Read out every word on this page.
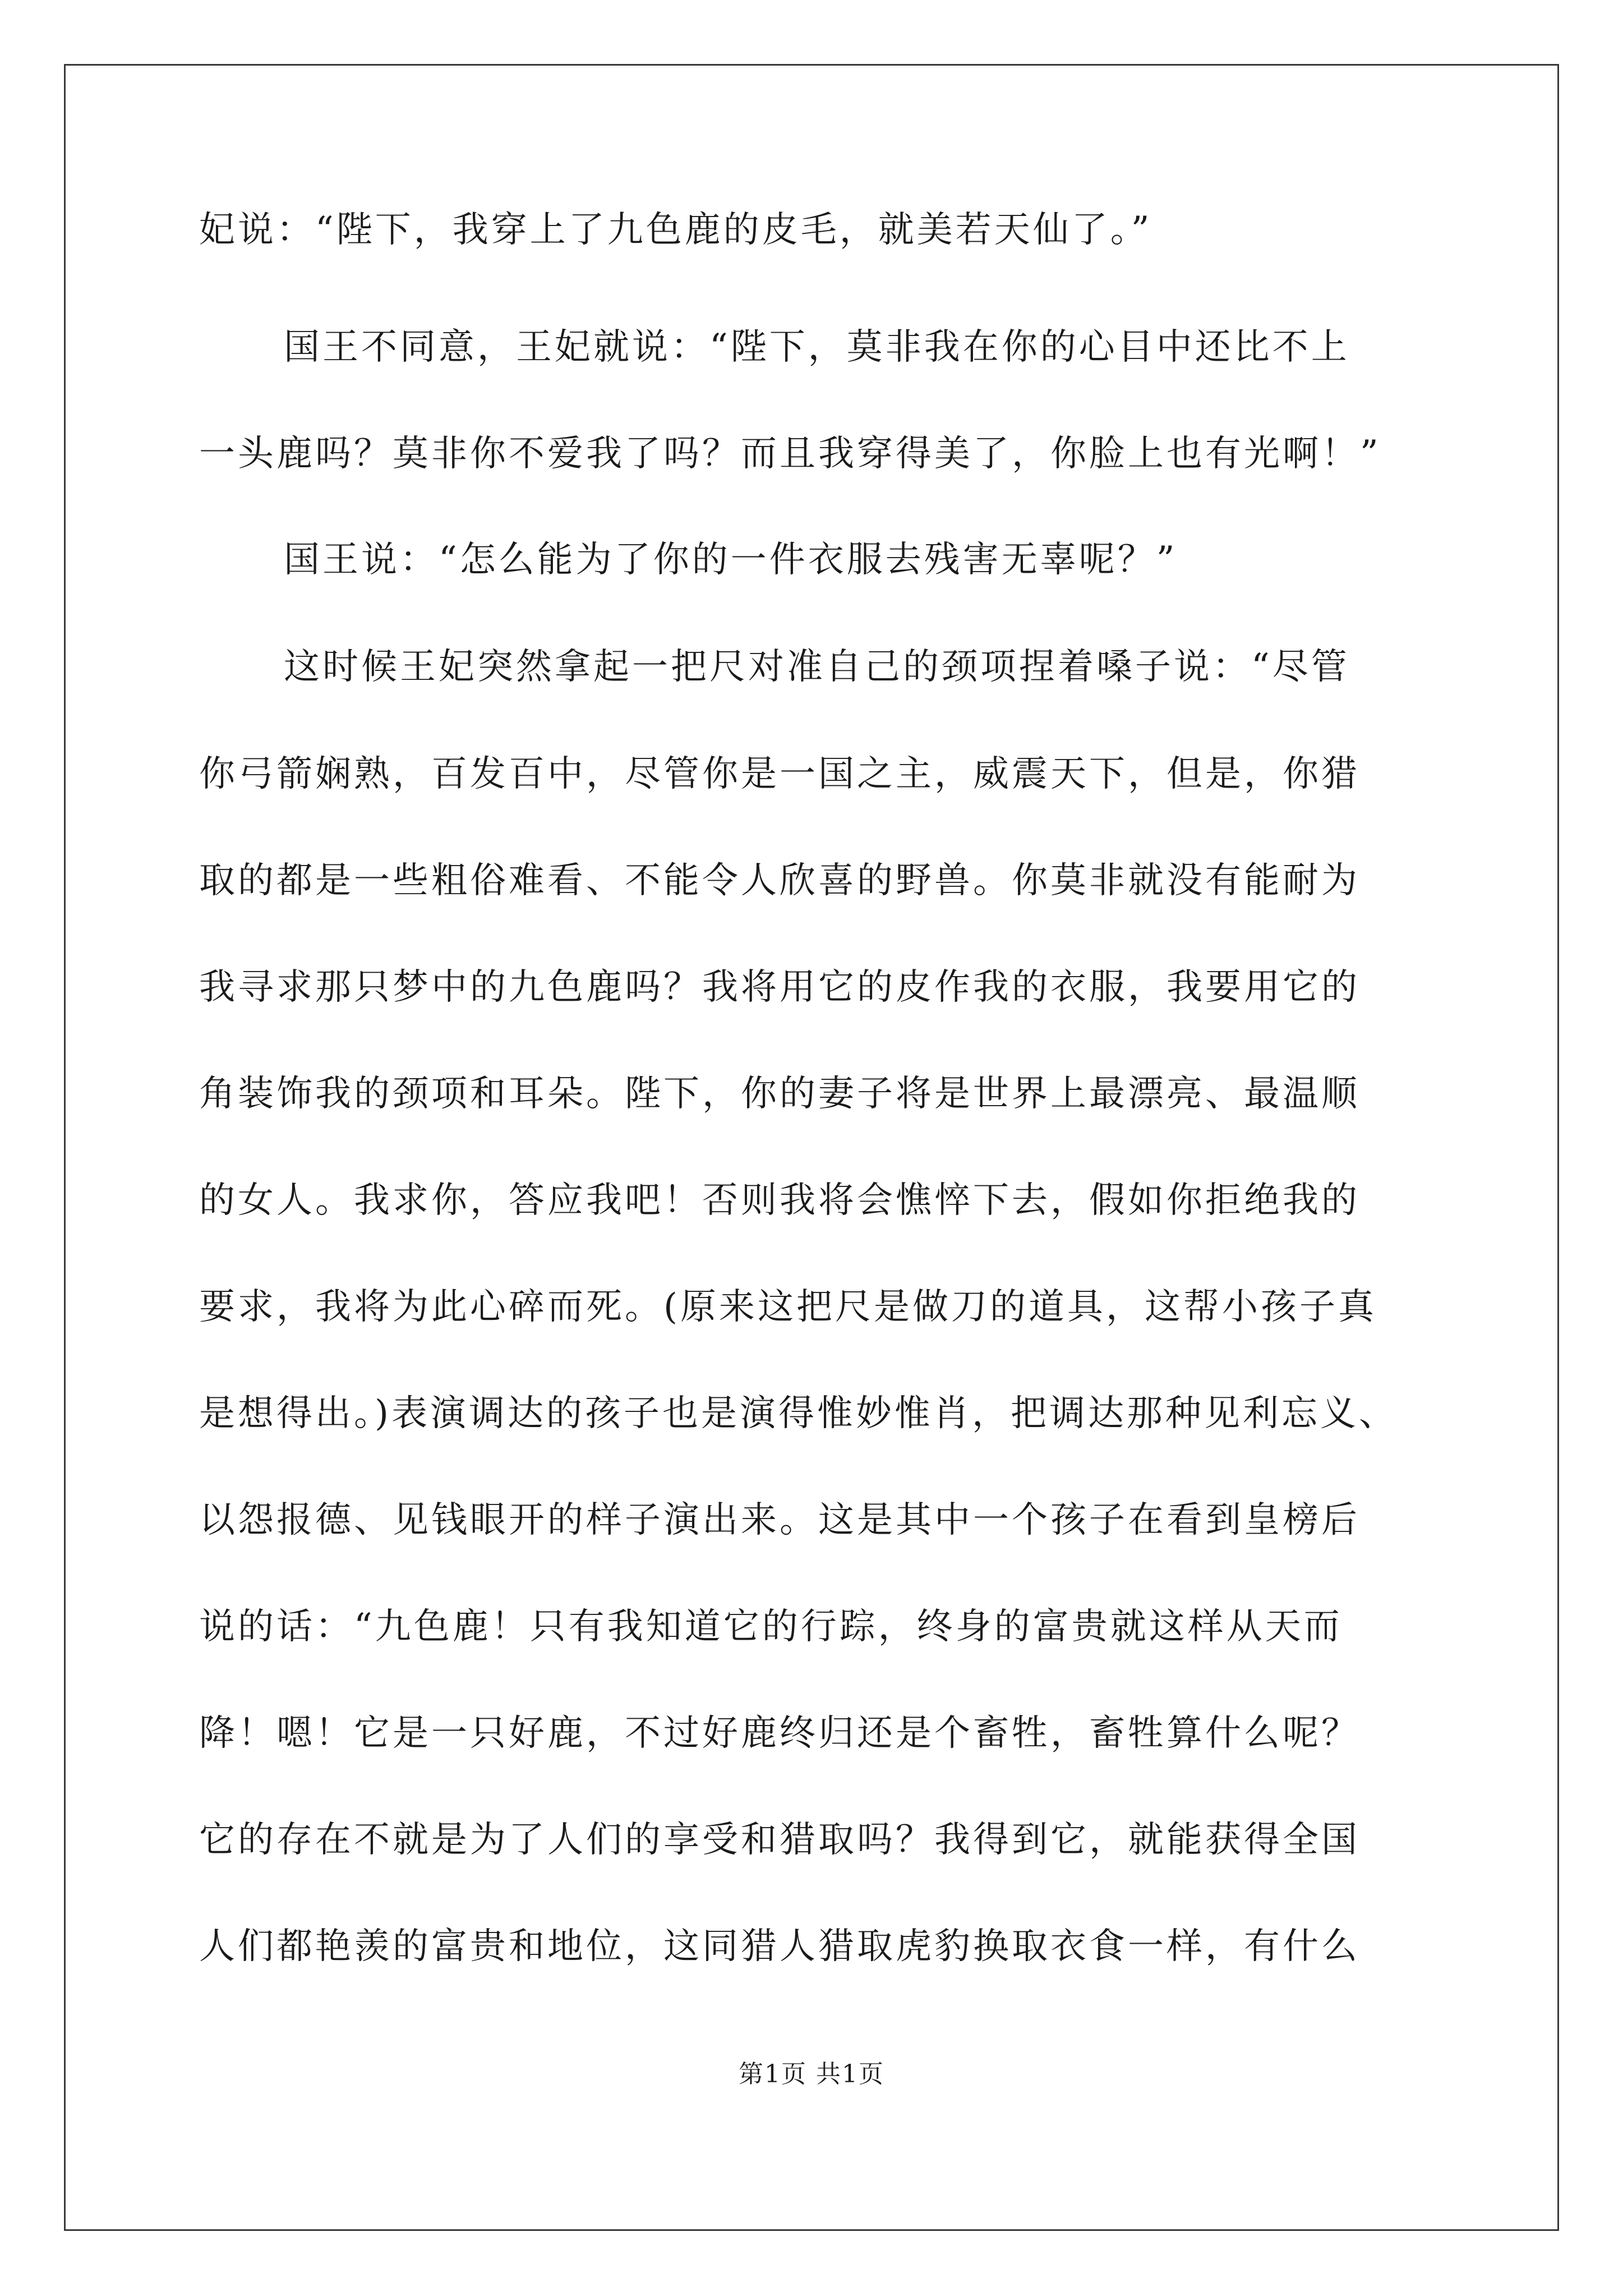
妃说：“陛下，我穿上了九色鹿的皮毛，就美若天仙了。”
国王不同意，王妃就说：“陛下，莫非我在你的心目中还比不上
一头鹿吗？莫非你不爱我了吗？而且我穿得美了，你脸上也有光啊！”
国王说：“怎么能为了你的一件衣服去残害无辜呢？”
这时候王妃突然拿起一把尺对准自己的颈项捏着嗓子说：“尽管
你弓箭娴熟，百发百中，尽管你是一国之主，威震天下，但是，你猎
取的都是一些粗俗难看、不能令人欣喜的野兽。你莫非就没有能耐为
我寻求那只梦中的九色鹿吗？我将用它的皮作我的衣服，我要用它的
角装饰我的颈项和耳朵。陛下，你的妻子将是世界上最漂亮、最温顺
的女人。我求你，答应我吧！否则我将会憔悴下去，假如你拒绝我的
要求，我将为此心碎而死。(原来这把尺是做刀的道具，这帮小孩子真
是想得出。)表演调达的孩子也是演得惟妙惟肖，把调达那种见利忘义、
以怨报德、见钱眼开的样子演出来。这是其中一个孩子在看到皇榜后
说的话：“九色鹿！只有我知道它的行踪，终身的富贵就这样从天而
降！嗯！它是一只好鹿，不过好鹿终归还是个畜牲，畜牲算什么呢？
它的存在不就是为了人们的享受和猎取吗？我得到它，就能获得全国
人们都艳羡的富贵和地位，这同猎人猎取虎豹换取衣食一样，有什么
第1页 共1页
